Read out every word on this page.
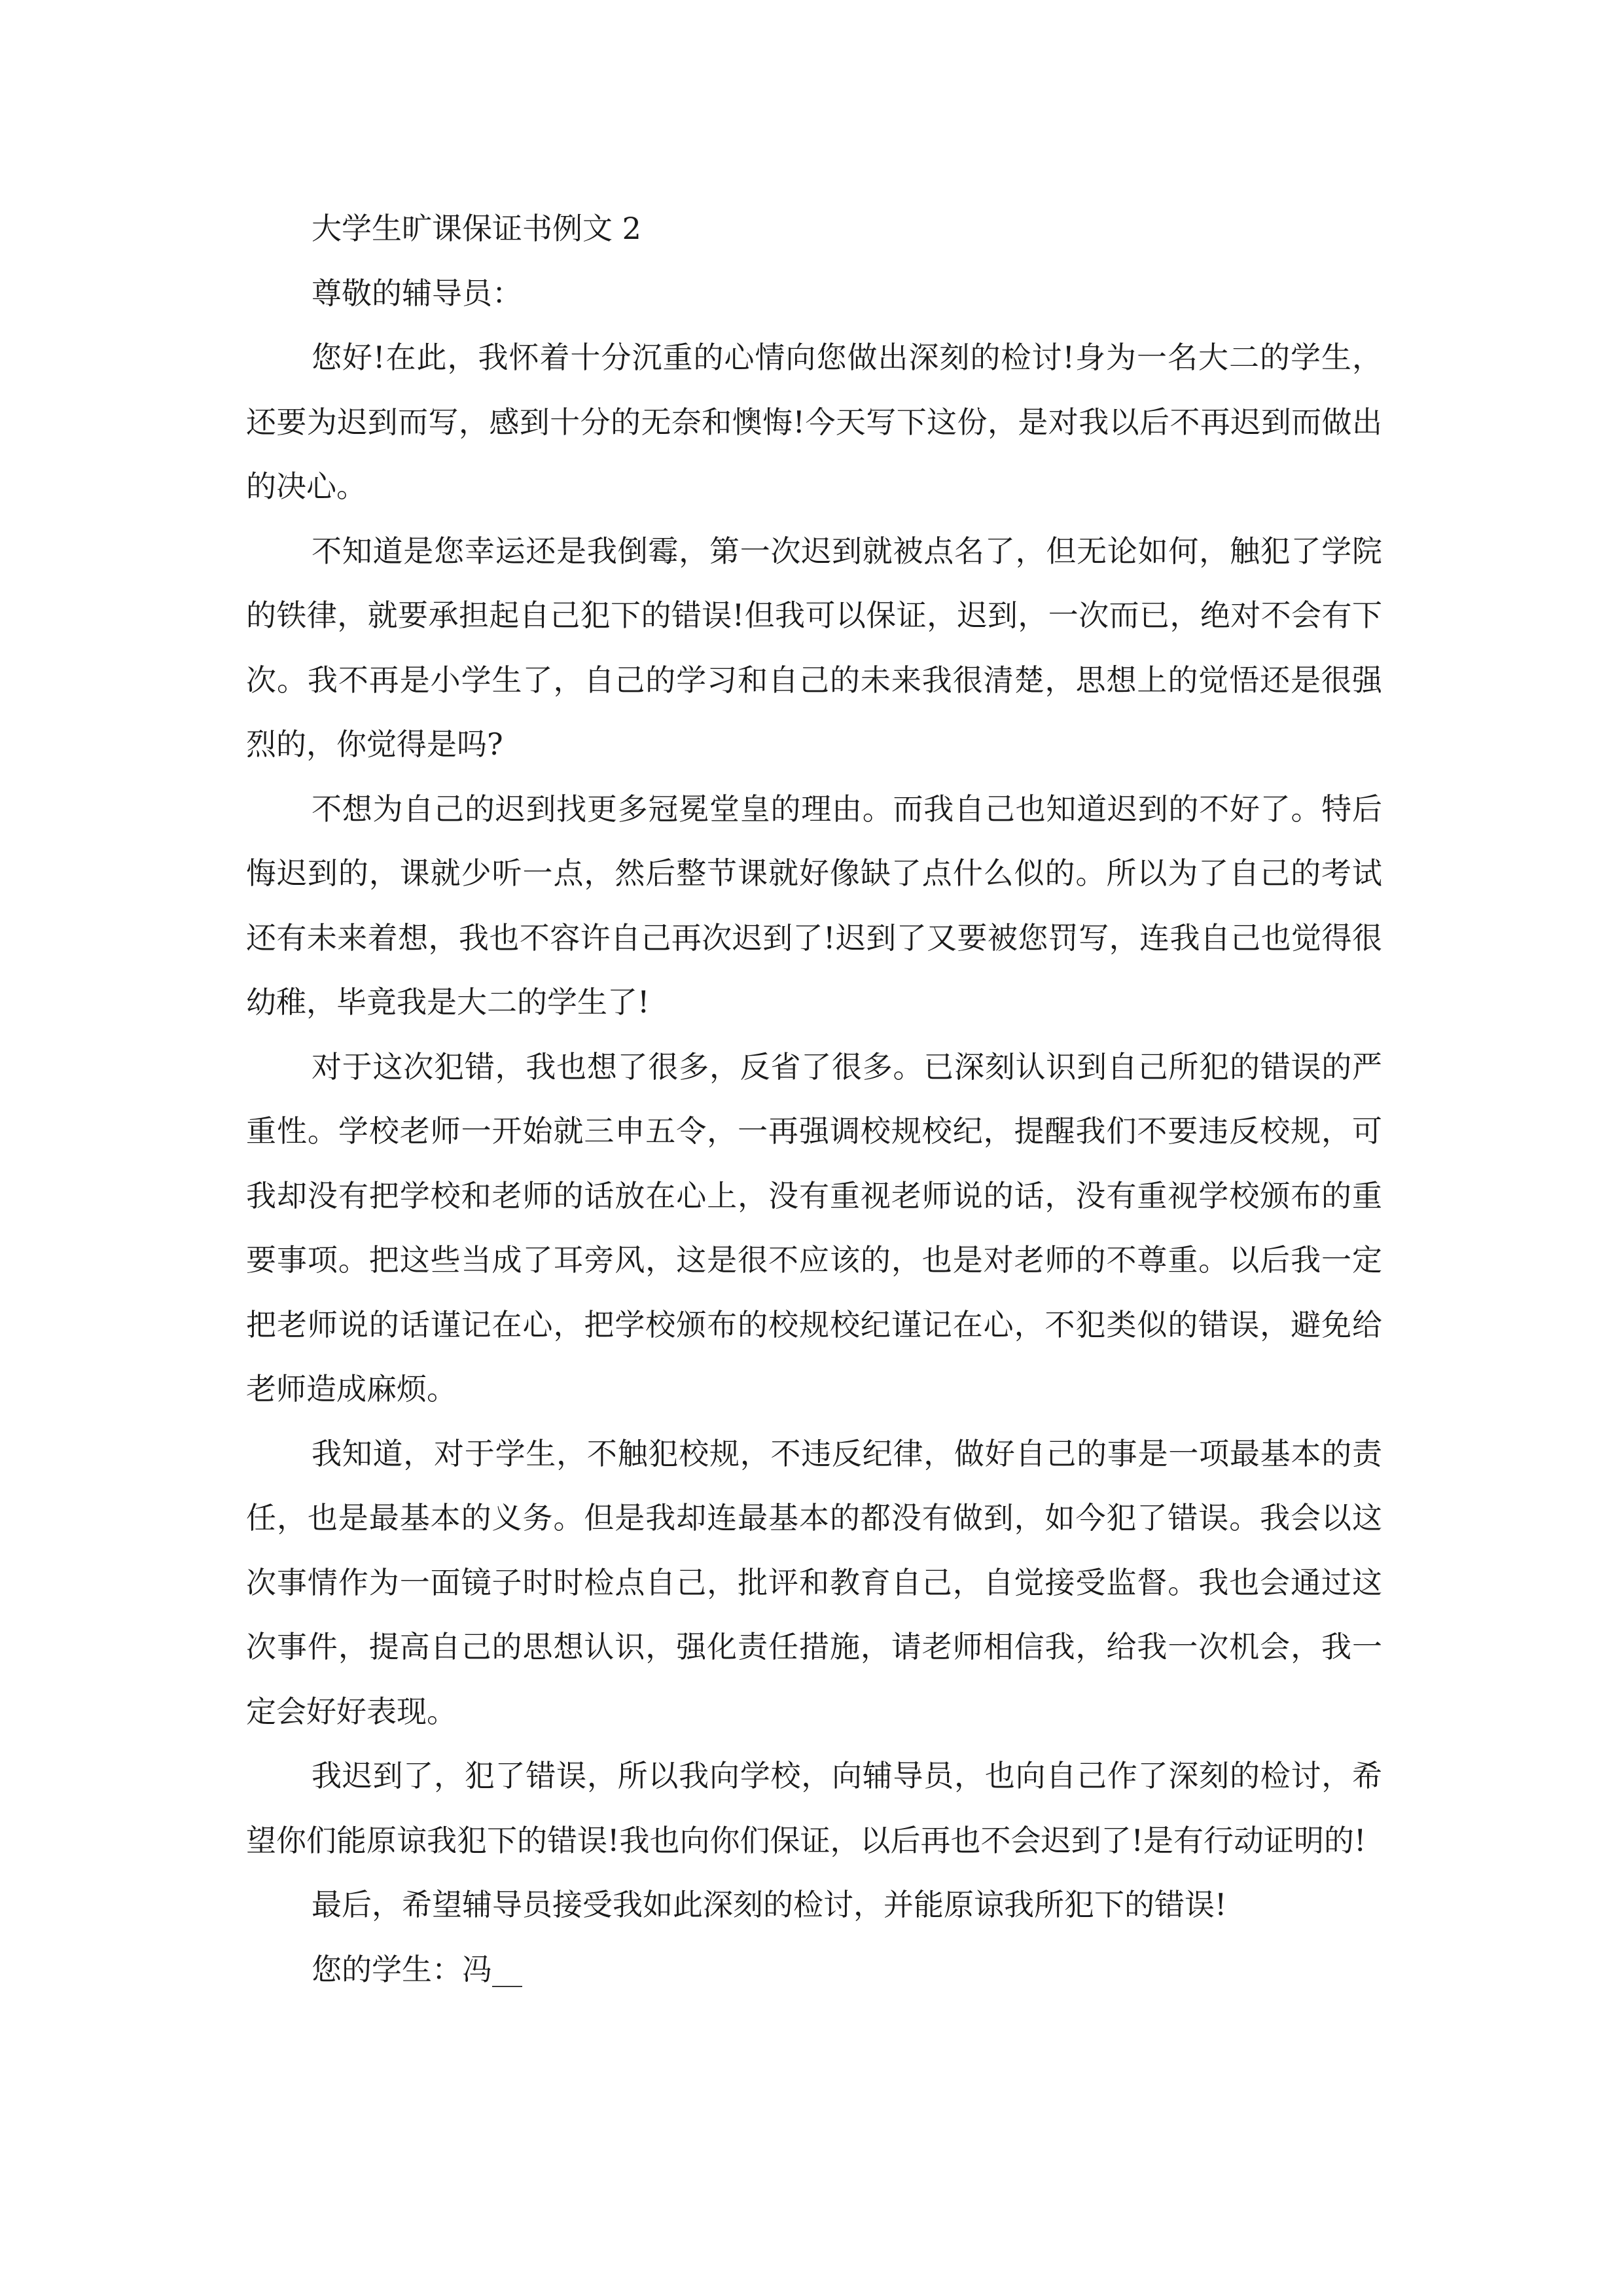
大学生旷课保证书例文 2

尊敬的辅导员：

您好!在此，我怀着十分沉重的心情向您做出深刻的检讨!身为一名大二的学生，还要为迟到而写，感到十分的无奈和懊悔!今天写下这份，是对我以后不再迟到而做出的决心。

不知道是您幸运还是我倒霉，第一次迟到就被点名了，但无论如何，触犯了学院的铁律，就要承担起自己犯下的错误!但我可以保证，迟到，一次而已，绝对不会有下次。我不再是小学生了，自己的学习和自己的未来我很清楚，思想上的觉悟还是很强烈的，你觉得是吗?

不想为自己的迟到找更多冠冕堂皇的理由。而我自己也知道迟到的不好了。特后悔迟到的，课就少听一点，然后整节课就好像缺了点什么似的。所以为了自己的考试还有未来着想，我也不容许自己再次迟到了!迟到了又要被您罚写，连我自己也觉得很幼稚，毕竟我是大二的学生了!

对于这次犯错，我也想了很多，反省了很多。已深刻认识到自己所犯的错误的严重性。学校老师一开始就三申五令，一再强调校规校纪，提醒我们不要违反校规，可我却没有把学校和老师的话放在心上，没有重视老师说的话，没有重视学校颁布的重要事项。把这些当成了耳旁风，这是很不应该的，也是对老师的不尊重。以后我一定把老师说的话谨记在心，把学校颁布的校规校纪谨记在心，不犯类似的错误，避免给老师造成麻烦。

我知道，对于学生，不触犯校规，不违反纪律，做好自己的事是一项最基本的责任，也是最基本的义务。但是我却连最基本的都没有做到，如今犯了错误。我会以这次事情作为一面镜子时时检点自己，批评和教育自己，自觉接受监督。我也会通过这次事件，提高自己的思想认识，强化责任措施，请老师相信我，给我一次机会，我一定会好好表现。

我迟到了，犯了错误，所以我向学校，向辅导员，也向自己作了深刻的检讨，希望你们能原谅我犯下的错误!我也向你们保证，以后再也不会迟到了!是有行动证明的!

最后，希望辅导员接受我如此深刻的检讨，并能原谅我所犯下的错误!

您的学生：冯__
